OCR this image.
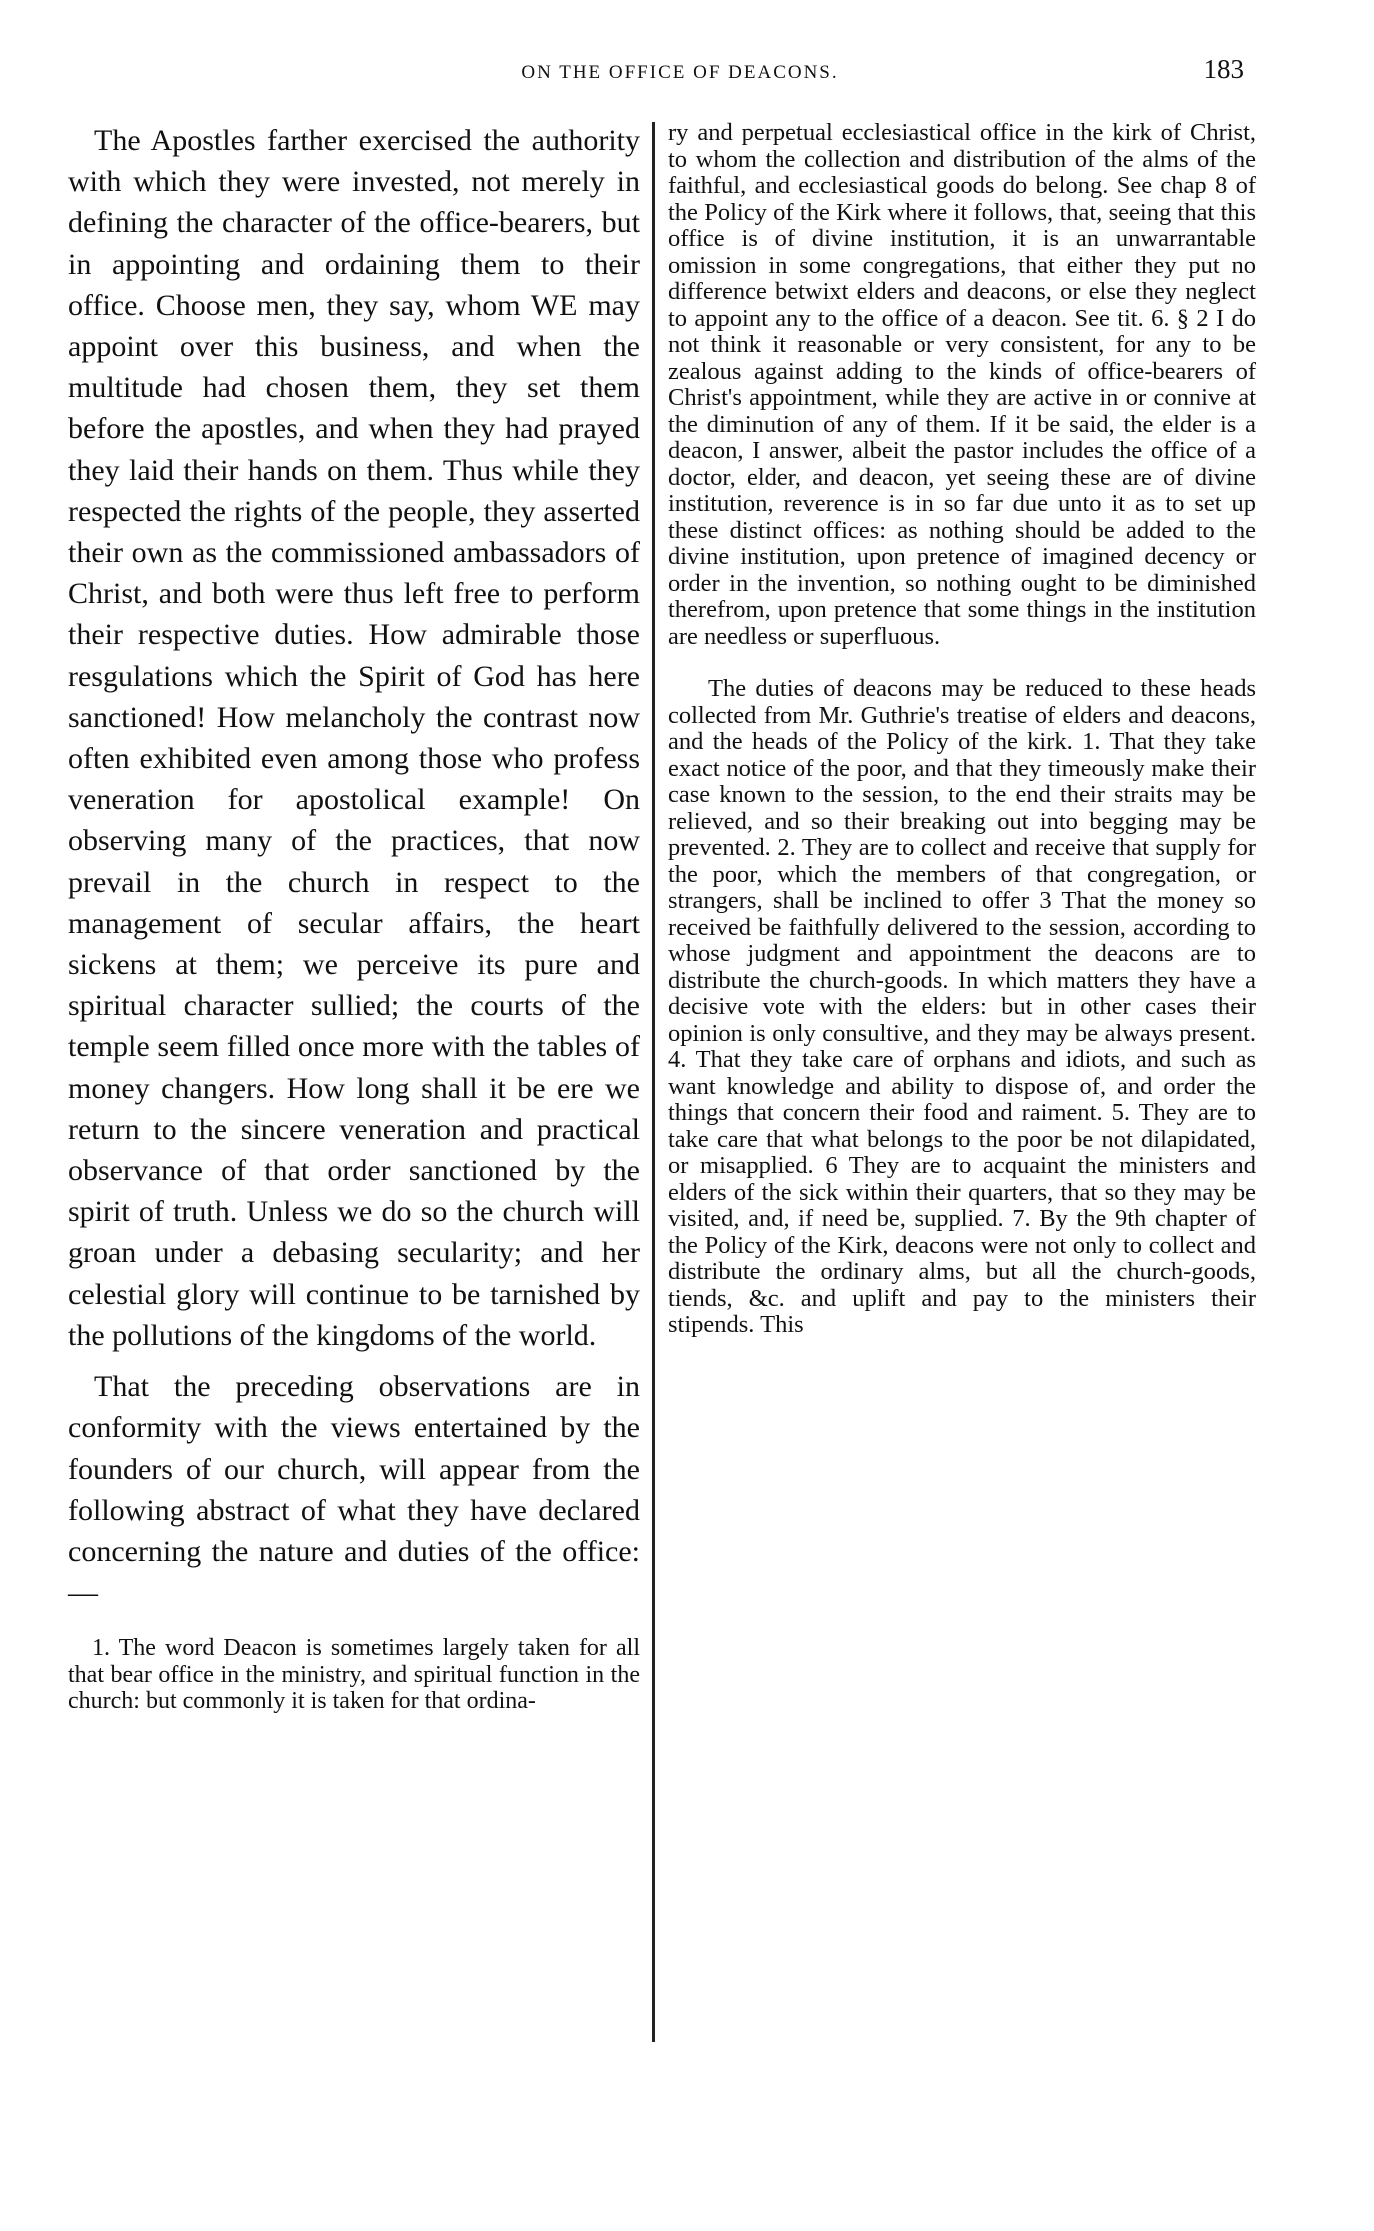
ON THE OFFICE OF DEACONS.	183

The Apostles farther exercised the authority with which they were invested, not merely in defining the character of the office-bearers, but in appointing and ordaining them to their office. Choose men, they say, whom WE may appoint over this business, and when the multitude had chosen them, they set them before the apostles, and when they had prayed they laid their hands on them. Thus while they respected the rights of the people, they asserted their own as the commissioned ambassadors of Christ, and both were thus left free to perform their respective duties. How admirable those resgulations which the Spirit of God has here sanctioned! How melancholy the contrast now often exhibited even among those who profess veneration for apostolical example! On observing many of the practices, that now prevail in the church in respect to the management of secular affairs, the heart sickens at them; we perceive its pure and spiritual character sullied; the courts of the temple seem filled once more with the tables of money changers. How long shall it be ere we return to the sincere veneration and practical observance of that order sanctioned by the spirit of truth. Unless we do so the church will groan under a debasing secularity; and her celestial glory will continue to be tarnished by the pollutions of the kingdoms of the world.

That the preceding observations are in conformity with the views entertained by the founders of our church, will appear from the following abstract of what they have declared concerning the nature and duties of the office:—

1. The word Deacon is sometimes largely taken for all that bear office in the ministry, and spiritual function in the church: but commonly it is taken for that ordina-

ry and perpetual ecclesiastical office in the kirk of Christ, to whom the collection and distribution of the alms of the faithful, and ecclesiastical goods do belong. See chap 8 of the Policy of the Kirk where it follows, that, seeing that this office is of divine institution, it is an unwarrantable omission in some congregations, that either they put no difference betwixt elders and deacons, or else they neglect to appoint any to the office of a deacon. See tit. 6. § 2 I do not think it reasonable or very consistent, for any to be zealous against adding to the kinds of office-bearers of Christ's appointment, while they are active in or connive at the diminution of any of them. If it be said, the elder is a deacon, I answer, albeit the pastor includes the office of a doctor, elder, and deacon, yet seeing these are of divine institution, reverence is in so far due unto it as to set up these distinct offices: as nothing should be added to the divine institution, upon pretence of imagined decency or order in the invention, so nothing ought to be diminished therefrom, upon pretence that some things in the institution are needless or superfluous.

The duties of deacons may be reduced to these heads collected from Mr. Guthrie's treatise of elders and deacons, and the heads of the Policy of the kirk. 1. That they take exact notice of the poor, and that they timeously make their case known to the session, to the end their straits may be relieved, and so their breaking out into begging may be prevented. 2. They are to collect and receive that supply for the poor, which the members of that congregation, or strangers, shall be inclined to offer 3 That the money so received be faithfully delivered to the session, according to whose judgment and appointment the deacons are to distribute the church-goods. In which matters they have a decisive vote with the elders: but in other cases their opinion is only consultive, and they may be always present. 4. That they take care of orphans and idiots, and such as want knowledge and ability to dispose of, and order the things that concern their food and raiment. 5. They are to take care that what belongs to the poor be not dilapidated, or misapplied. 6 They are to acquaint the ministers and elders of the sick within their quarters, that so they may be visited, and, if need be, supplied. 7. By the 9th chapter of the Policy of the Kirk, deacons were not only to collect and distribute the ordinary alms, but all the church-goods, tiends, &c. and uplift and pay to the ministers their stipends. This
